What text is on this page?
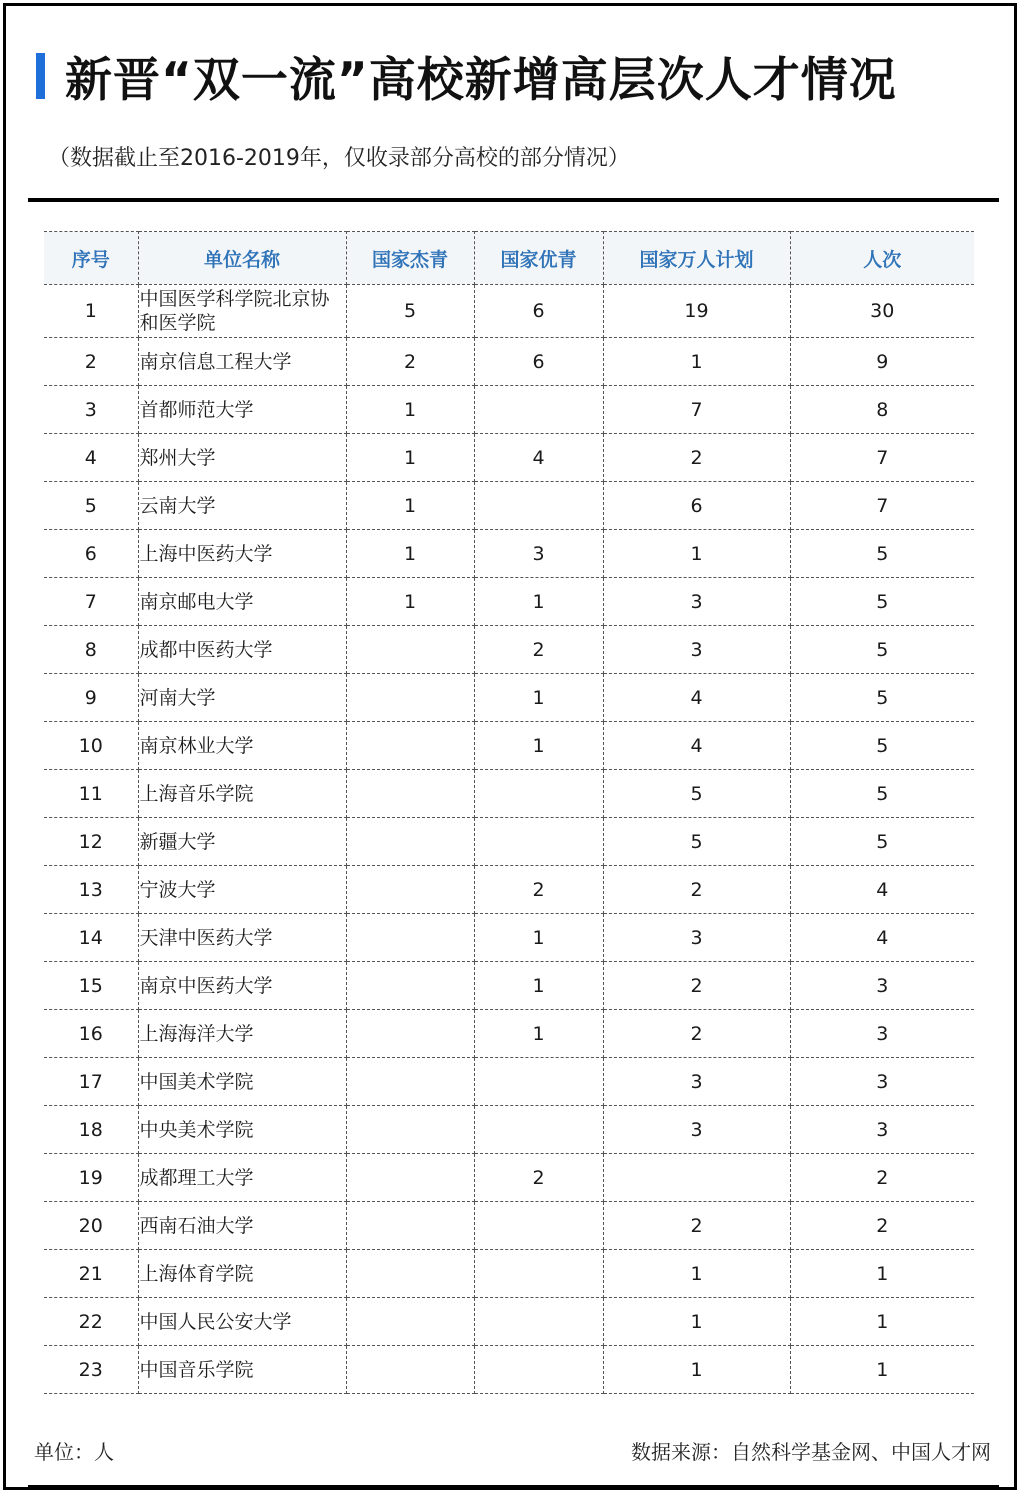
新晋“双一流”高校新增高层次人才情况
（数据截止至2016-2019年，仅收录部分高校的部分情况）
序号	单位名称	国家杰青	国家优青	国家万人计划	人次
1	中国医学科学院北京协和医学院	5	6	19	30
2	南京信息工程大学	2	6	1	9
3	首都师范大学	1		7	8
4	郑州大学	1	4	2	7
5	云南大学	1		6	7
6	上海中医药大学	1	3	1	5
7	南京邮电大学	1	1	3	5
8	成都中医药大学		2	3	5
9	河南大学		1	4	5
10	南京林业大学		1	4	5
11	上海音乐学院			5	5
12	新疆大学			5	5
13	宁波大学		2	2	4
14	天津中医药大学		1	3	4
15	南京中医药大学		1	2	3
16	上海海洋大学		1	2	3
17	中国美术学院			3	3
18	中央美术学院			3	3
19	成都理工大学		2		2
20	西南石油大学			2	2
21	上海体育学院			1	1
22	中国人民公安大学			1	1
23	中国音乐学院			1	1
单位：人	数据来源：自然科学基金网、中国人才网
